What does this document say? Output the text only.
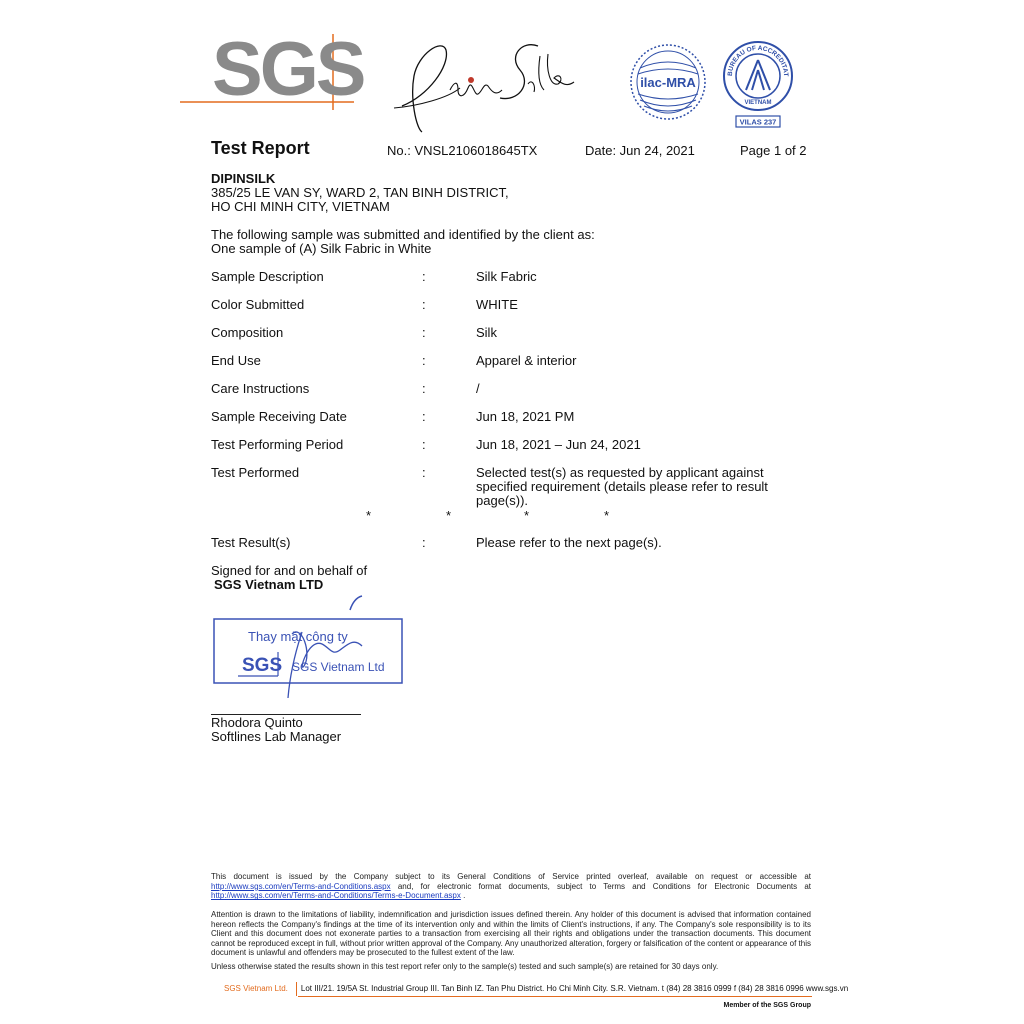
SGS	ilac-MRA
BUREAU OF ACCREDITAT
VIETNAM
VILAS 237
Test Report	No.: VNSL2106018645TX	Date: Jun 24, 2021	Page 1 of 2
DIPINSILK
385/25 LE VAN SY, WARD 2, TAN BINH DISTRICT,
HO CHI MINH CITY, VIETNAM
The following sample was submitted and identified by the client as:
One sample of (A) Silk Fabric in White
Sample Description	:	Silk Fabric
Color Submitted	:	WHITE
Composition	:	Silk
End Use	:	Apparel & interior
Care Instructions	:	/
Sample Receiving Date	:	Jun 18, 2021 PM
Test Performing Period	:	Jun 18, 2021 – Jun 24, 2021
Test Performed	:	Selected test(s) as requested by applicant against specified requirement (details please refer to result page(s)).
*	*	*	*
Test Result(s)	:	Please refer to the next page(s).
Signed for and on behalf of
SGS Vietnam LTD
Thay mặt công ty
SGS SGS Vietnam Ltd
Rhodora Quinto
Softlines Lab Manager
This document is issued by the Company subject to its General Conditions of Service printed overleaf, available on request or accessible at http://www.sgs.com/en/Terms-and-Conditions.aspx and, for electronic format documents, subject to Terms and Conditions for Electronic Documents at http://www.sgs.com/en/Terms-and-Conditions/Terms-e-Document.aspx .
Attention is drawn to the limitations of liability, indemnification and jurisdiction issues defined therein. Any holder of this document is advised that information contained hereon reflects the Company's findings at the time of its intervention only and within the limits of Client's instructions, if any. The Company's sole responsibility is to its Client and this document does not exonerate parties to a transaction from exercising all their rights and obligations under the transaction documents. This document cannot be reproduced except in full, without prior written approval of the Company. Any unauthorized alteration, forgery or falsification of the content or appearance of this document is unlawful and offenders may be prosecuted to the fullest extent of the law.
Unless otherwise stated the results shown in this test report refer only to the sample(s) tested and such sample(s) are retained for 30 days only.
SGS Vietnam Ltd. Lot III/21. 19/5A St. Industrial Group III. Tan Binh IZ. Tan Phu District. Ho Chi Minh City. S.R. Vietnam. t (84) 28 3816 0999 f (84) 28 3816 0996 www.sgs.vn
Member of the SGS Group
